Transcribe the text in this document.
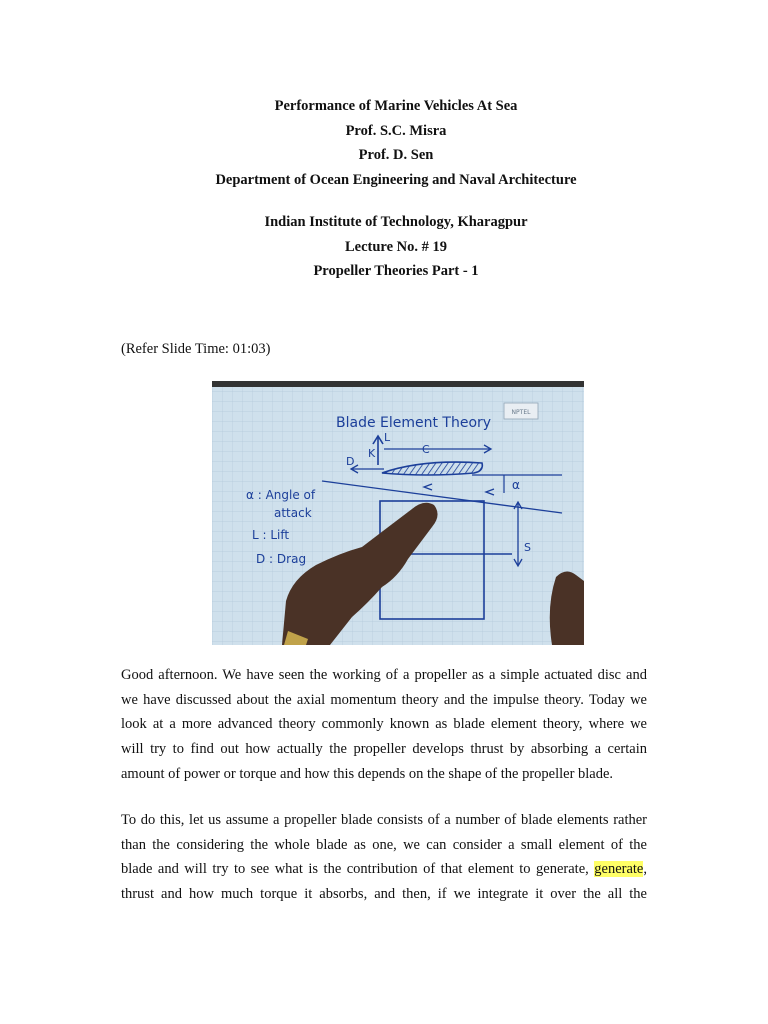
Performance of Marine Vehicles At Sea
Prof. S.C. Misra
Prof. D. Sen
Department of Ocean Engineering and Naval Architecture
Indian Institute of Technology, Kharagpur
Lecture No. # 19
Propeller Theories Part - 1
(Refer Slide Time: 01:03)
NPTEL
Blade Element Theory
L
K	C
D
α
α : Angle of
attack
L : Lift
D : Drag
S
Good afternoon. We have seen the working of a propeller as a simple actuated disc and
we have discussed about the axial momentum theory and the impulse theory. Today we
look at a more advanced theory commonly known as blade element theory, where we
will try to find out how actually the propeller develops thrust by absorbing a certain
amount of power or torque and how this depends on the shape of the propeller blade.
To do this, let us assume a propeller blade consists of a number of blade elements rather
than the considering the whole blade as one, we can consider a small element of the
blade and will try to see what is the contribution of that element to generate, generate,
thrust and how much torque it absorbs, and then, if we integrate it over the all the
